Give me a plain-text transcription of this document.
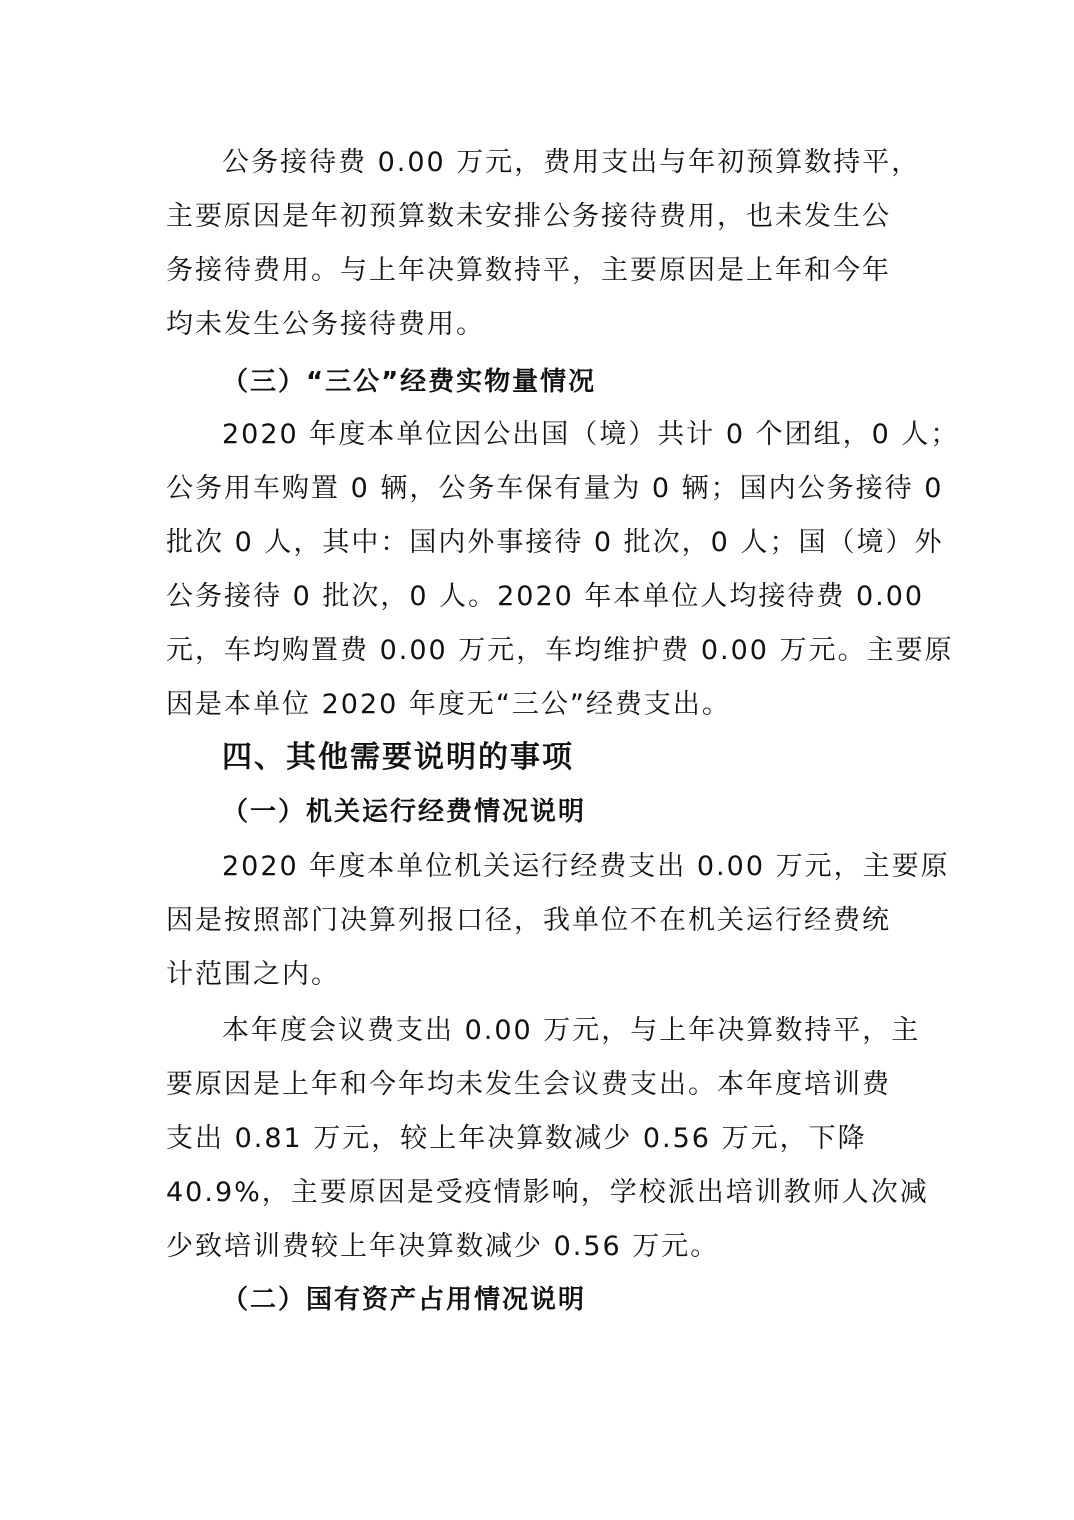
公务接待费 0.00 万元，费用支出与年初预算数持平，
主要原因是年初预算数未安排公务接待费用，也未发生公
务接待费用。与上年决算数持平，主要原因是上年和今年
均未发生公务接待费用。
（三）“三公”经费实物量情况
2020 年度本单位因公出国（境）共计 0 个团组，0 人；
公务用车购置 0 辆，公务车保有量为 0 辆；国内公务接待 0
批次 0 人，其中：国内外事接待 0 批次，0 人；国（境）外
公务接待 0 批次，0 人。2020 年本单位人均接待费 0.00
元，车均购置费 0.00 万元，车均维护费 0.00 万元。主要原
因是本单位 2020 年度无“三公”经费支出。
四、其他需要说明的事项
（一）机关运行经费情况说明
2020 年度本单位机关运行经费支出 0.00 万元，主要原
因是按照部门决算列报口径，我单位不在机关运行经费统
计范围之内。
本年度会议费支出 0.00 万元，与上年决算数持平，主
要原因是上年和今年均未发生会议费支出。本年度培训费
支出 0.81 万元，较上年决算数减少 0.56 万元，下降
40.9%，主要原因是受疫情影响，学校派出培训教师人次减
少致培训费较上年决算数减少 0.56 万元。
（二）国有资产占用情况说明
